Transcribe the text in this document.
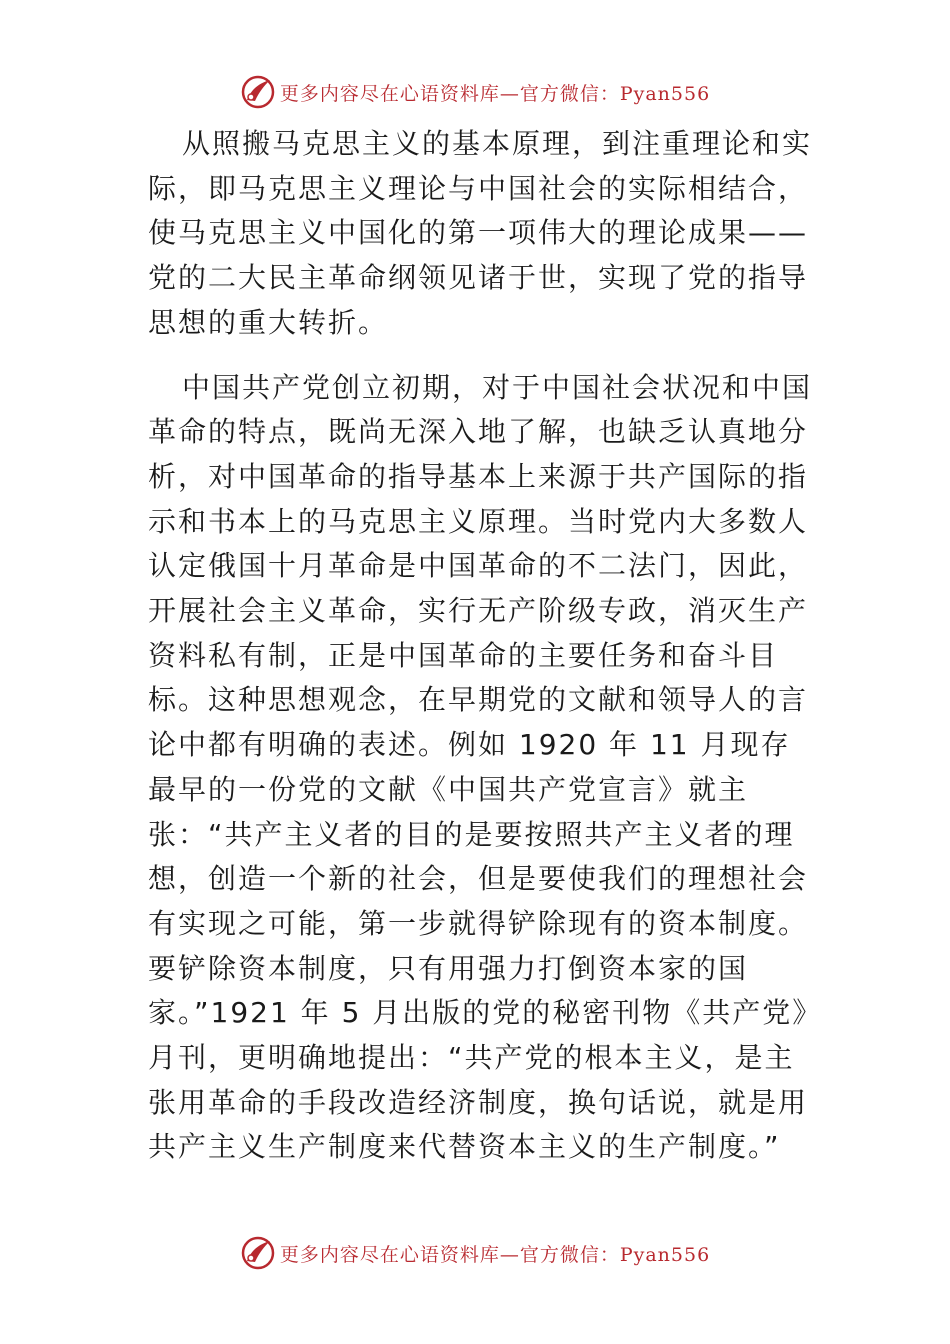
更多内容尽在心语资料库—官方微信：Pyan556

从照搬马克思主义的基本原理，到注重理论和实际，即马克思主义理论与中国社会的实际相结合，使马克思主义中国化的第一项伟大的理论成果——党的二大民主革命纲领见诸于世，实现了党的指导思想的重大转折。

中国共产党创立初期，对于中国社会状况和中国革命的特点，既尚无深入地了解，也缺乏认真地分析，对中国革命的指导基本上来源于共产国际的指示和书本上的马克思主义原理。当时党内大多数人认定俄国十月革命是中国革命的不二法门，因此，开展社会主义革命，实行无产阶级专政，消灭生产资料私有制，正是中国革命的主要任务和奋斗目标。这种思想观念，在早期党的文献和领导人的言论中都有明确的表述。例如 1920 年 11 月现存最早的一份党的文献《中国共产党宣言》就主张：“共产主义者的目的是要按照共产主义者的理想，创造一个新的社会，但是要使我们的理想社会有实现之可能，第一步就得铲除现有的资本制度。要铲除资本制度，只有用强力打倒资本家的国家。”1921 年 5 月出版的党的秘密刊物《共产党》月刊，更明确地提出：“共产党的根本主义，是主张用革命的手段改造经济制度，换句话说，就是用共产主义生产制度来代替资本主义的生产制度。”

更多内容尽在心语资料库—官方微信：Pyan556
